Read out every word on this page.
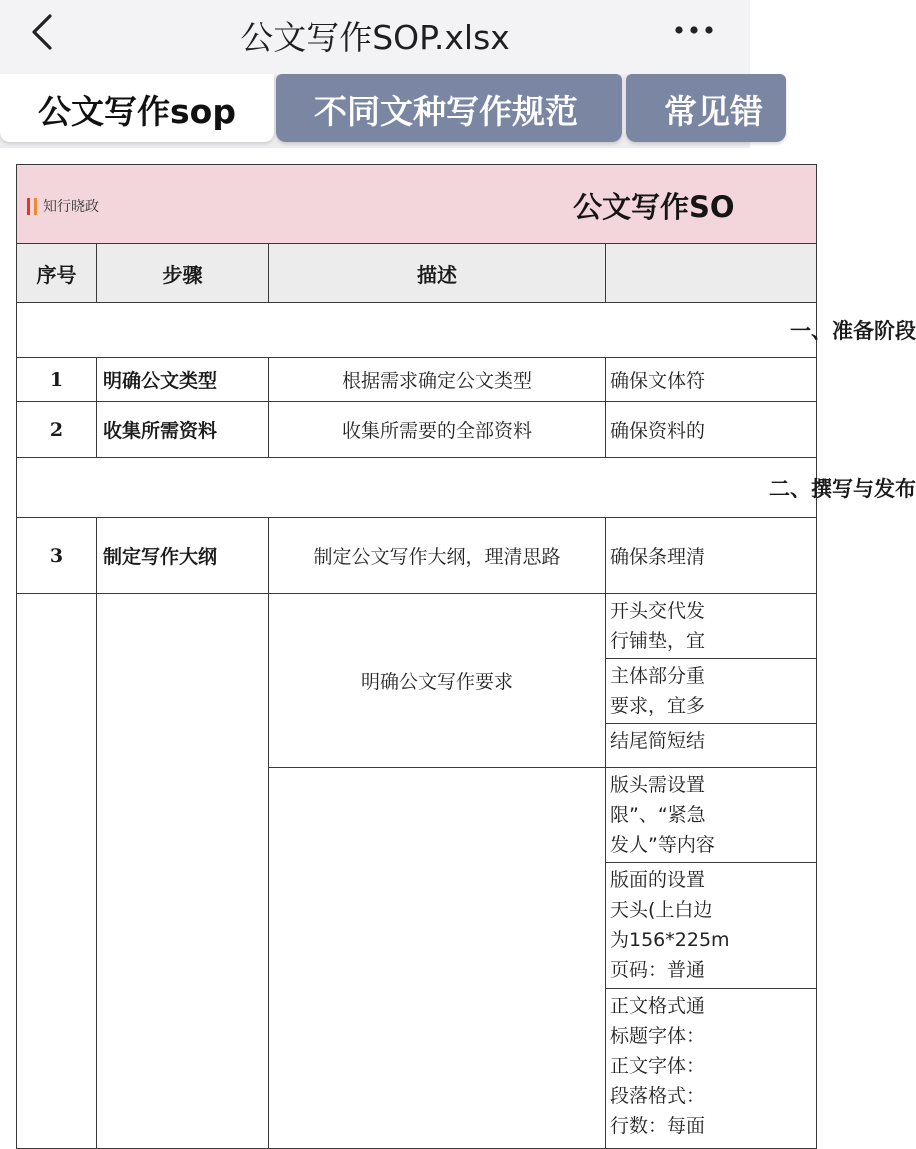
公文写作SOP.xlsx
公文写作sop	不同文种写作规范	常见错
知行晓政 公文写作SO			

序号	步骤	描述	
一、准备阶段			
1	明确公文类型	根据需求确定公文类型	确保文体符
2	收集所需资料	收集所需要的全部资料	确保资料的
二、撰写与发布			
3	制定写作大纲	制定公文写作大纲，理清思路	确保条理清
		明确公文写作要求	开头交代发
行铺垫，宜

			主体部分重
要求，宜多

			结尾简短结

			版头需设置
限”、“紧急
发人”等内容

			版面的设置
天头(上白边
为156*225m
页码：普通

			正文格式通
标题字体：
正文字体：
段落格式：
行数：每面
